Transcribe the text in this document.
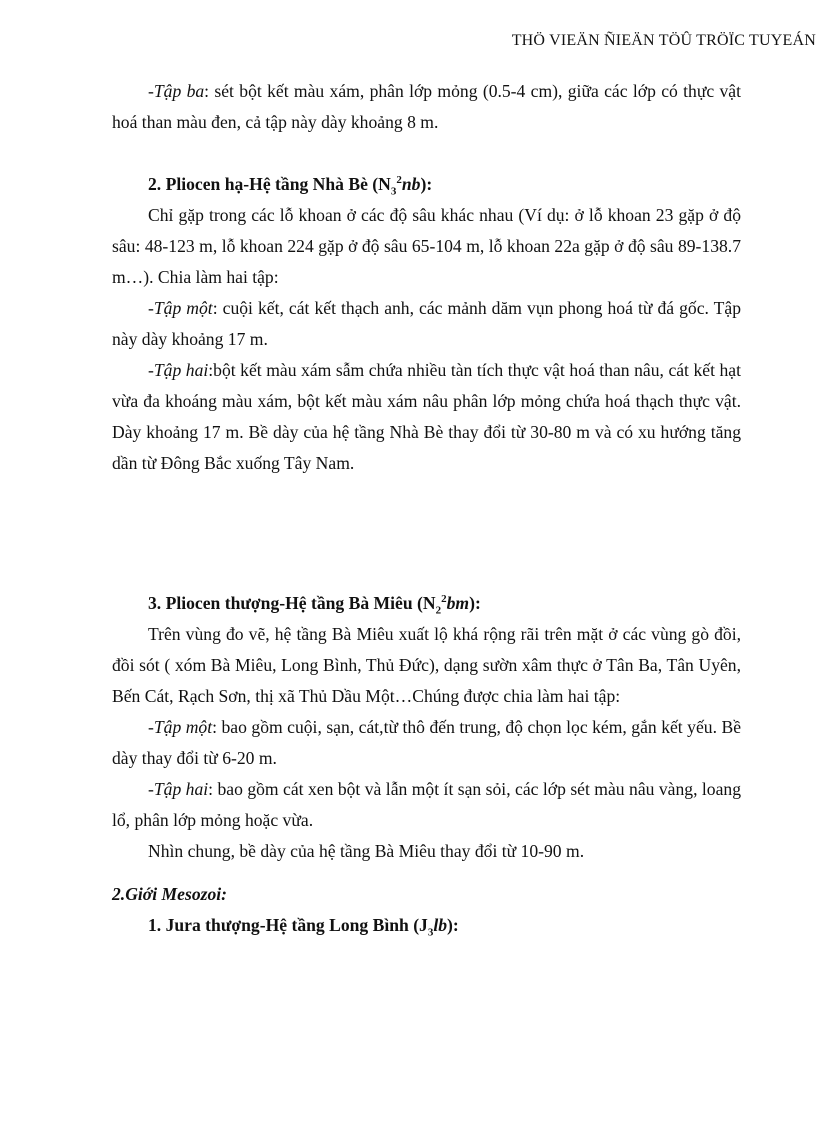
THÖ VIEÄN ÑIEÄN TÖÛ TRÖÏC TUYEÁN

-Tập ba: sét bột kết màu xám, phân lớp mỏng (0.5-4 cm), giữa các lớp có thực vật hoá than màu đen, cả tập này dày khoảng 8 m.

2. Pliocen hạ-Hệ tầng Nhà Bè $(N_3^2nb)$:

Chỉ gặp trong các lỗ khoan ở các độ sâu khác nhau (Ví dụ: ở lỗ khoan 23 gặp ở độ sâu: 48-123 m, lỗ khoan 224 gặp ở độ sâu 65-104 m, lỗ khoan 22a gặp ở độ sâu 89-138.7 m…). Chia làm hai tập:

-Tập một: cuội kết, cát kết thạch anh, các mảnh dăm vụn phong hoá từ đá gốc. Tập này dày khoảng 17 m.

-Tập hai:bột kết màu xám sẫm chứa nhiều tàn tích thực vật hoá than nâu, cát kết hạt vừa đa khoáng màu xám, bột kết màu xám nâu phân lớp mỏng chứa hoá thạch thực vật. Dày khoảng 17 m. Bề dày của hệ tầng Nhà Bè thay đổi từ 30-80 m và có xu hướng tăng dần từ Đông Bắc xuống Tây Nam.

3. Pliocen thượng-Hệ tầng Bà Miêu $(N_2^2bm)$:

Trên vùng đo vẽ, hệ tầng Bà Miêu xuất lộ khá rộng rãi trên mặt ở các vùng gò đồi, đồi sót ( xóm Bà Miêu, Long Bình, Thủ Đức), dạng sườn xâm thực ở Tân Ba, Tân Uyên, Bến Cát, Rạch Sơn, thị xã Thủ Dầu Một…Chúng được chia làm hai tập:

-Tập một: bao gồm cuội, sạn, cát,từ thô đến trung, độ chọn lọc kém, gắn kết yếu. Bề dày thay đổi từ 6-20 m.

-Tập hai: bao gồm cát xen bột và lẫn một ít sạn sỏi, các lớp sét màu nâu vàng, loang lổ, phân lớp mỏng hoặc vừa.

Nhìn chung, bề dày của hệ tầng Bà Miêu thay đổi từ 10-90 m.

2.Giới Mesozoi:

1. Jura thượng-Hệ tầng Long Bình $(J_3lb)$:
